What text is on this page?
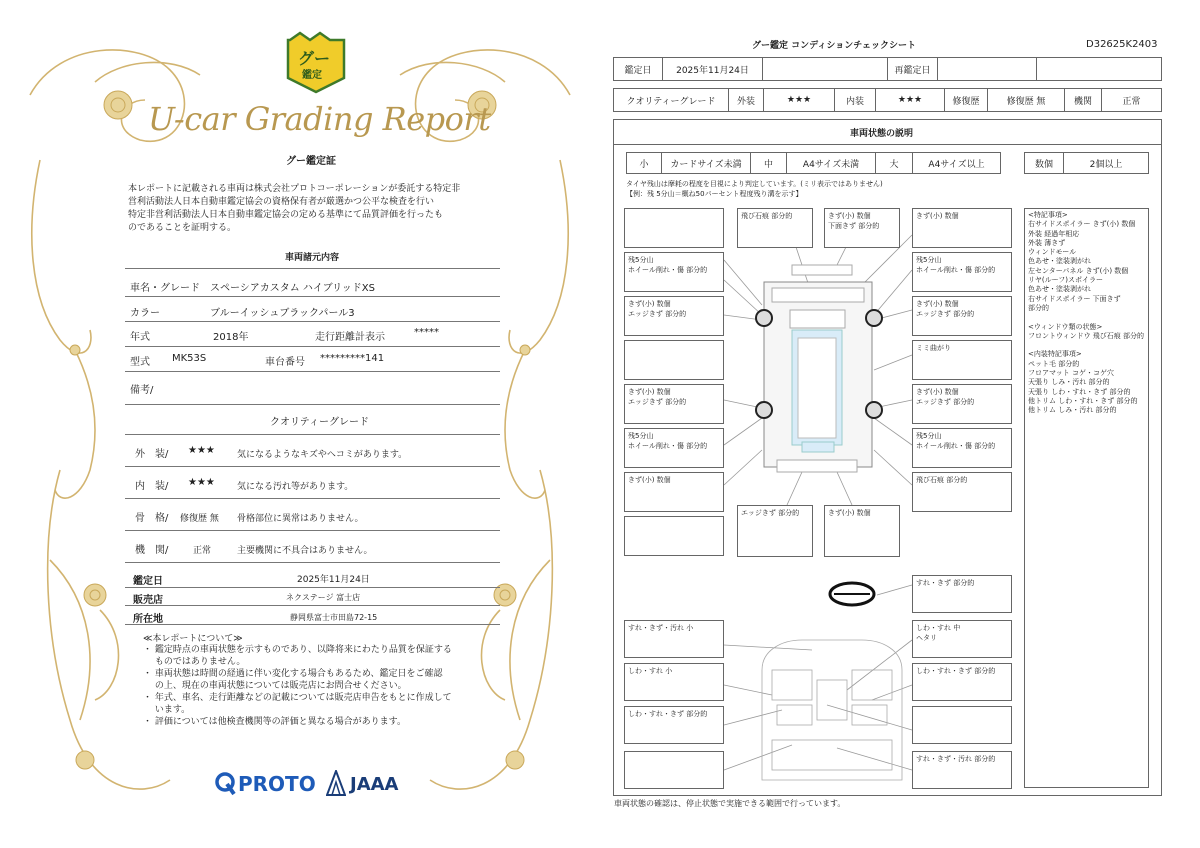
グー
鑑定
U-car Grading Report
グー鑑定証
本レポートに記載される車両は株式会社プロトコーポレーションが委託する特定非
営利活動法人日本自動車鑑定協会の資格保有者が厳選かつ公平な検査を行い
特定非営利活動法人日本自動車鑑定協会の定める基準にて品質評価を行ったも
のであることを証明する。
車両諸元内容
車名・グレード スペーシアカスタム ハイブリッドXS
カラー	ブルーイッシュブラックパール3
年式	2018年	走行距離計表示	*****
型式 MK53S	車台番号 *********141
備考/
クオリティーグレード
外　装/ ★★★ 気になるようなキズやヘコミがあります。
内　装/ ★★★ 気になる汚れ等があります。
骨　格/ 修復歴 無 骨格部位に異常はありません。
機　関/	正常	主要機関に不具合はありません。
鑑定日	2025年11月24日
販売店	ネクステージ 富士店
所在地	静岡県富士市田島72-15
≪本レポートについて≫
・ 鑑定時点の車両状態を示すものであり、以降将来にわたり品質を保証する
　 ものではありません。
・ 車両状態は時間の経過に伴い変化する場合もあるため、鑑定日をご確認
　 の上、現在の車両状態については販売店にお問合せください。
・ 年式、車名、走行距離などの記載については販売店申告をもとに作成して
　 います。
・ 評価については他検査機関等の評価と異なる場合があります。
PROTO JAAA
グー鑑定 コンディションチェックシート	D32625K2403
鑑定日	2025年11月24日	再鑑定日
クオリティーグレード	外装	★★★	内装	★★★	修復歴	修復歴 無	機関	正常
車両状態の説明
小	カードサイズ未満	中	A4サイズ未満	大	A4サイズ以上	数個	2個以上
タイヤ残山は摩耗の程度を目視により判定しています。(ミリ表示ではありません)
【例：残 5分山＝概ね50パーセント程度残り溝を示す】
残5分山
ホイール削れ・傷 部分的
きず(小) 数個
エッジきず 部分的
きず(小) 数個
エッジきず 部分的
残5分山
ホイール削れ・傷 部分的
きず(小) 数個
飛び石痕 部分的	きず(小) 数個
下面きず 部分的
きず(小) 数個
残5分山
ホイール削れ・傷 部分的
きず(小) 数個
エッジきず 部分的
ミミ曲がり
きず(小) 数個
エッジきず 部分的
残5分山
ホイール削れ・傷 部分的
飛び石痕 部分的
エッジきず 部分的	きず(小) 数個
すれ・きず・汚れ 小
しわ・すれ 小
しわ・すれ・きず 部分的
すれ・きず 部分的
しわ・すれ 中
ヘタリ
しわ・すれ・きず 部分的
すれ・きず・汚れ 部分的
<特記事項>
右サイドスポイラー きず(小) 数個
外装 経過年相応
外装 薄きず
ウィンドモール
色あせ・塗装剥がれ
左センターパネル きず(小) 数個
リヤ(ルーフ)スポイラー
色あせ・塗装剥がれ
右サイドスポイラー 下面きず
部分的

<ウィンドウ類の状態>
フロントウィンドウ 飛び石痕 部分的

<内装特記事項>
ペット毛 部分的
フロアマット コゲ・コゲ穴
天張り しみ・汚れ 部分的
天張り しわ・すれ・きず 部分的
他トリム しわ・すれ・きず 部分的
他トリム しみ・汚れ 部分的
車両状態の確認は、停止状態で実施できる範囲で行っています。
